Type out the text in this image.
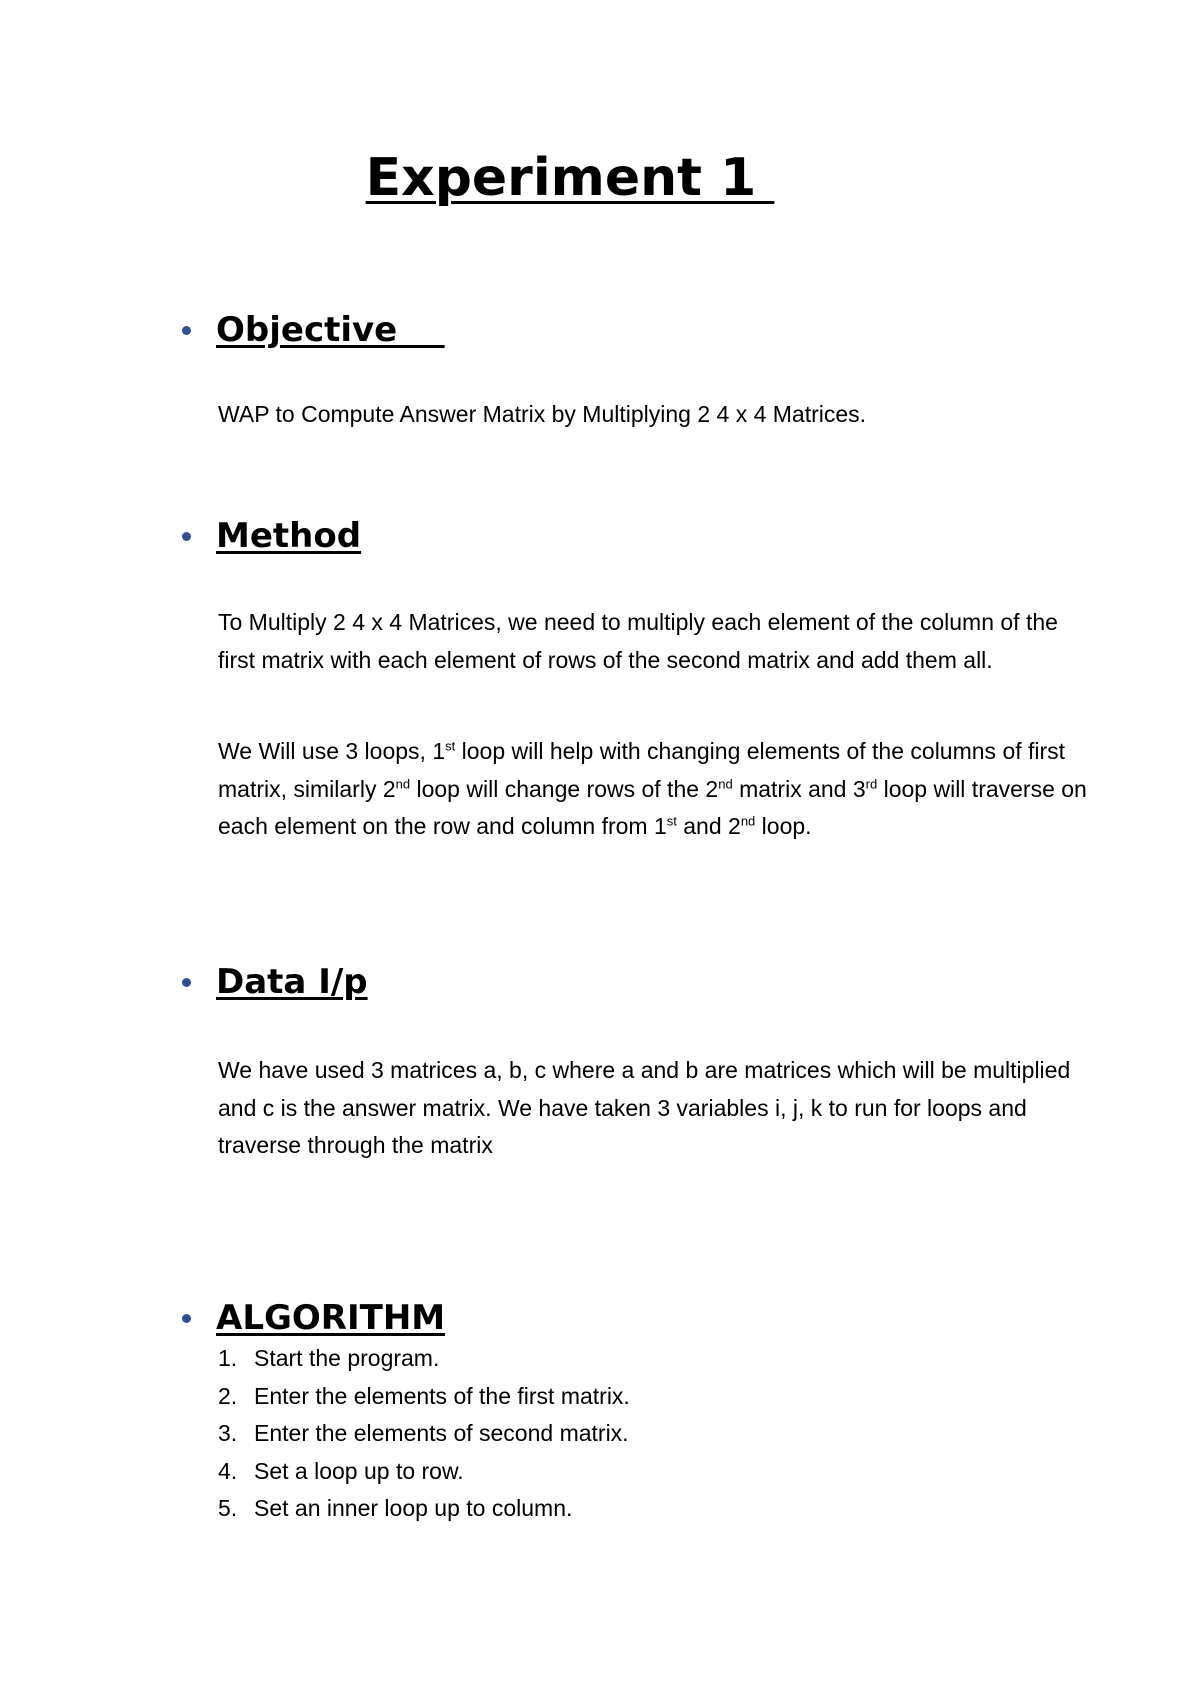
Experiment 1
Objective

WAP to Compute Answer Matrix by Multiplying 2 4 x 4 Matrices.

Method

To Multiply 2 4 x 4 Matrices, we need to multiply each element of the column of the first matrix with each element of rows of the second matrix and add them all.

We Will use 3 loops, 1st loop will help with changing elements of the columns of first matrix, similarly 2nd loop will change rows of the 2nd matrix and 3rd loop will traverse on each element on the row and column from 1st and 2nd loop.

Data I/p

We have used 3 matrices a, b, c where a and b are matrices which will be multiplied and c is the answer matrix. We have taken 3 variables i, j, k to run for loops and traverse through the matrix

ALGORITHM
1. Start the program.
2. Enter the elements of the first matrix.
3. Enter the elements of second matrix.
4. Set a loop up to row.
5. Set an inner loop up to column.
